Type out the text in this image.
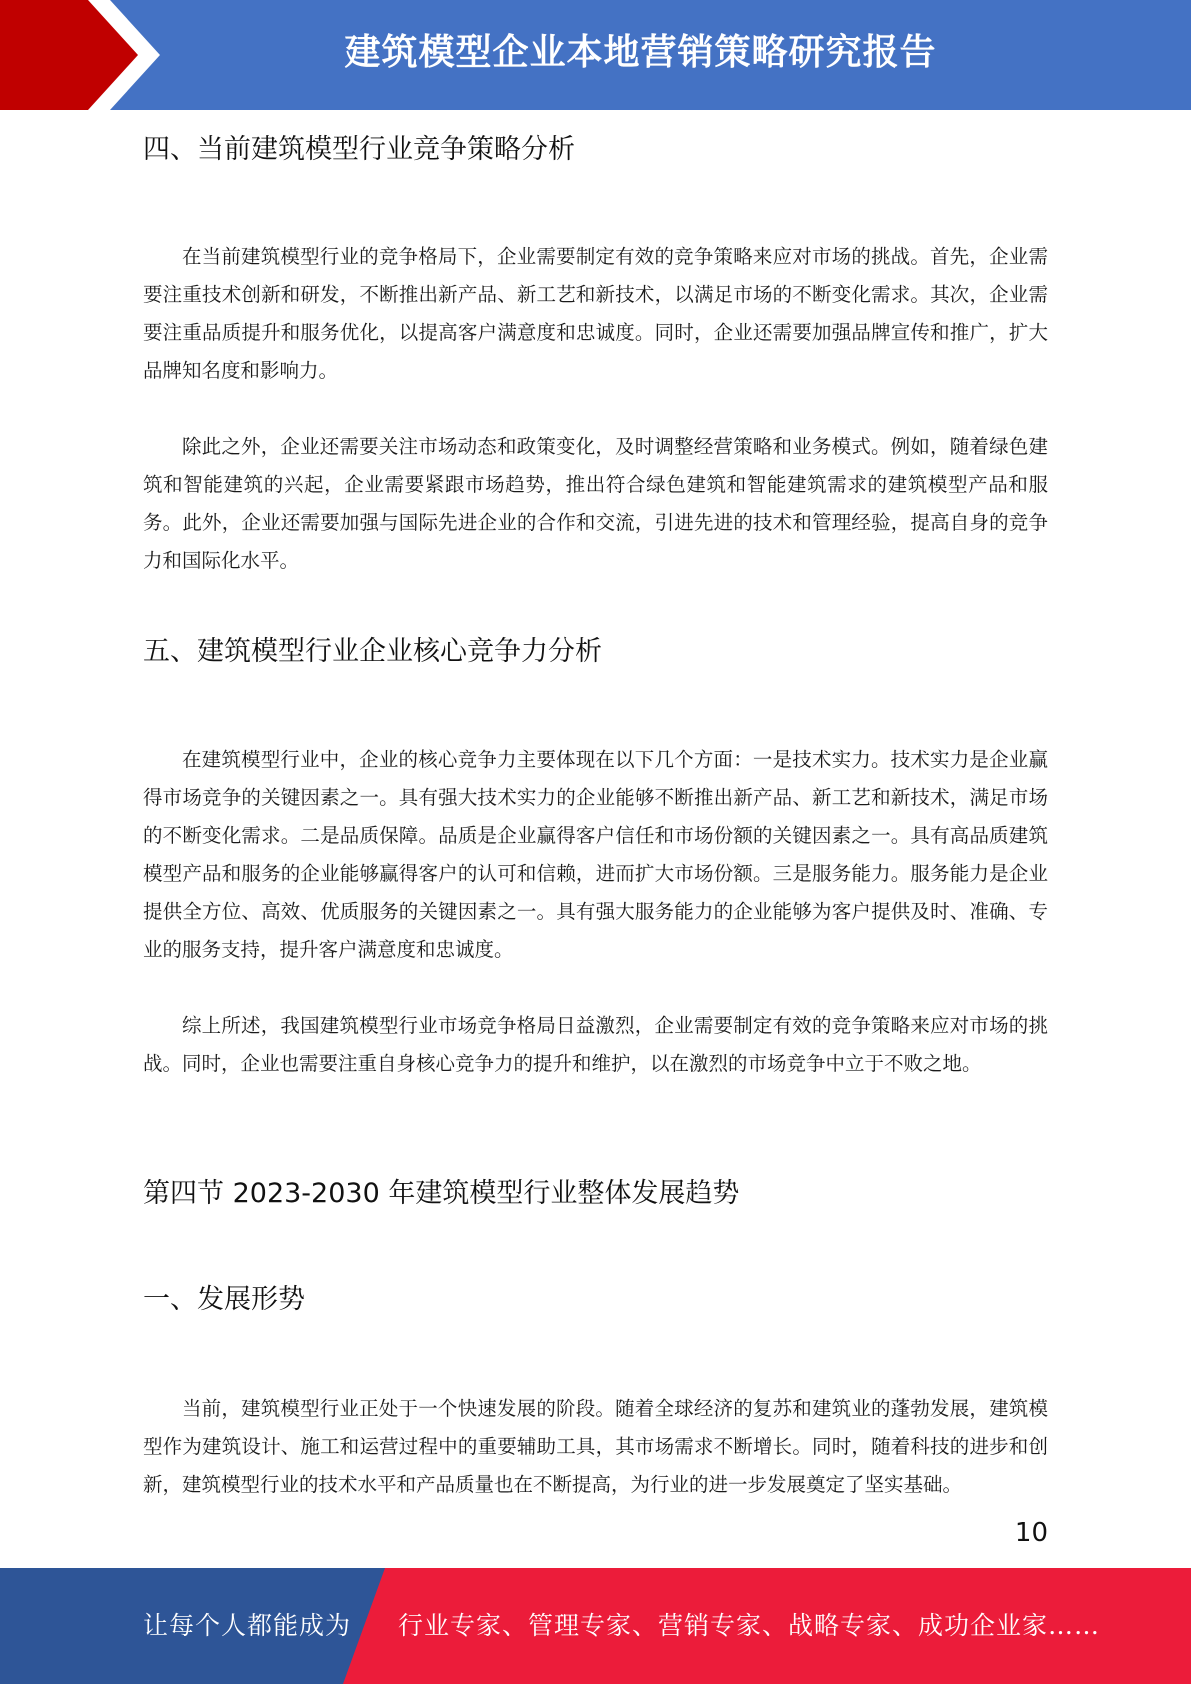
建筑模型企业本地营销策略研究报告
四、当前建筑模型行业竞争策略分析

在当前建筑模型行业的竞争格局下，企业需要制定有效的竞争策略来应对市场的挑战。首先，企业需要注重技术创新和研发，不断推出新产品、新工艺和新技术，以满足市场的不断变化需求。其次，企业需要注重品质提升和服务优化，以提高客户满意度和忠诚度。同时，企业还需要加强品牌宣传和推广，扩大品牌知名度和影响力。

除此之外，企业还需要关注市场动态和政策变化，及时调整经营策略和业务模式。例如，随着绿色建筑和智能建筑的兴起，企业需要紧跟市场趋势，推出符合绿色建筑和智能建筑需求的建筑模型产品和服务。此外，企业还需要加强与国际先进企业的合作和交流，引进先进的技术和管理经验，提高自身的竞争力和国际化水平。

五、建筑模型行业企业核心竞争力分析

在建筑模型行业中，企业的核心竞争力主要体现在以下几个方面：一是技术实力。技术实力是企业赢得市场竞争的关键因素之一。具有强大技术实力的企业能够不断推出新产品、新工艺和新技术，满足市场的不断变化需求。二是品质保障。品质是企业赢得客户信任和市场份额的关键因素之一。具有高品质建筑模型产品和服务的企业能够赢得客户的认可和信赖，进而扩大市场份额。三是服务能力。服务能力是企业提供全方位、高效、优质服务的关键因素之一。具有强大服务能力的企业能够为客户提供及时、准确、专业的服务支持，提升客户满意度和忠诚度。

综上所述，我国建筑模型行业市场竞争格局日益激烈，企业需要制定有效的竞争策略来应对市场的挑战。同时，企业也需要注重自身核心竞争力的提升和维护，以在激烈的市场竞争中立于不败之地。

第四节 2023-2030 年建筑模型行业整体发展趋势
一、发展形势

当前，建筑模型行业正处于一个快速发展的阶段。随着全球经济的复苏和建筑业的蓬勃发展，建筑模型作为建筑设计、施工和运营过程中的重要辅助工具，其市场需求不断增长。同时，随着科技的进步和创新，建筑模型行业的技术水平和产品质量也在不断提高，为行业的进一步发展奠定了坚实基础。

10
让每个人都能成为 行业专家、管理专家、营销专家、战略专家、成功企业家……
